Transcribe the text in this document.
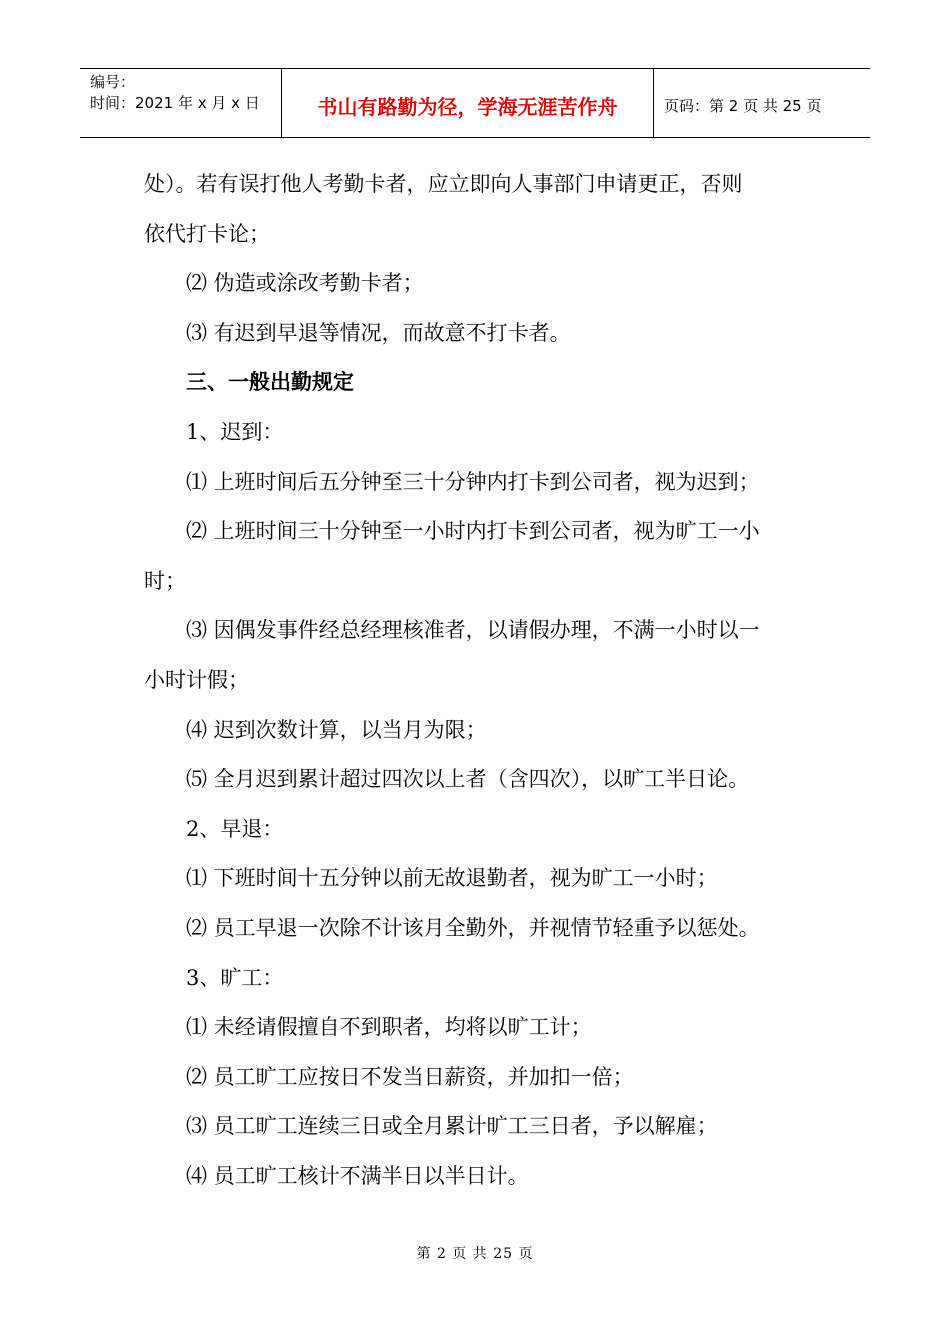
编号：
时间：2021 年 x 月 x 日	书山有路勤为径，学海无涯苦作舟	页码：第 2 页 共 25 页
处）。若有误打他人考勤卡者，应立即向人事部门申请更正，否则
依代打卡论；
⑵ 伪造或涂改考勤卡者；
⑶ 有迟到早退等情况，而故意不打卡者。
三、一般出勤规定
1、迟到：
⑴ 上班时间后五分钟至三十分钟内打卡到公司者，视为迟到；
⑵ 上班时间三十分钟至一小时内打卡到公司者，视为旷工一小
时；
⑶ 因偶发事件经总经理核准者，以请假办理，不满一小时以一
小时计假；
⑷ 迟到次数计算，以当月为限；
⑸ 全月迟到累计超过四次以上者（含四次），以旷工半日论。
2、早退：
⑴ 下班时间十五分钟以前无故退勤者，视为旷工一小时；
⑵ 员工早退一次除不计该月全勤外，并视情节轻重予以惩处。
3、旷工：
⑴ 未经请假擅自不到职者，均将以旷工计；
⑵ 员工旷工应按日不发当日薪资，并加扣一倍；
⑶ 员工旷工连续三日或全月累计旷工三日者，予以解雇；
⑷ 员工旷工核计不满半日以半日计。
第 2 页 共 25 页
